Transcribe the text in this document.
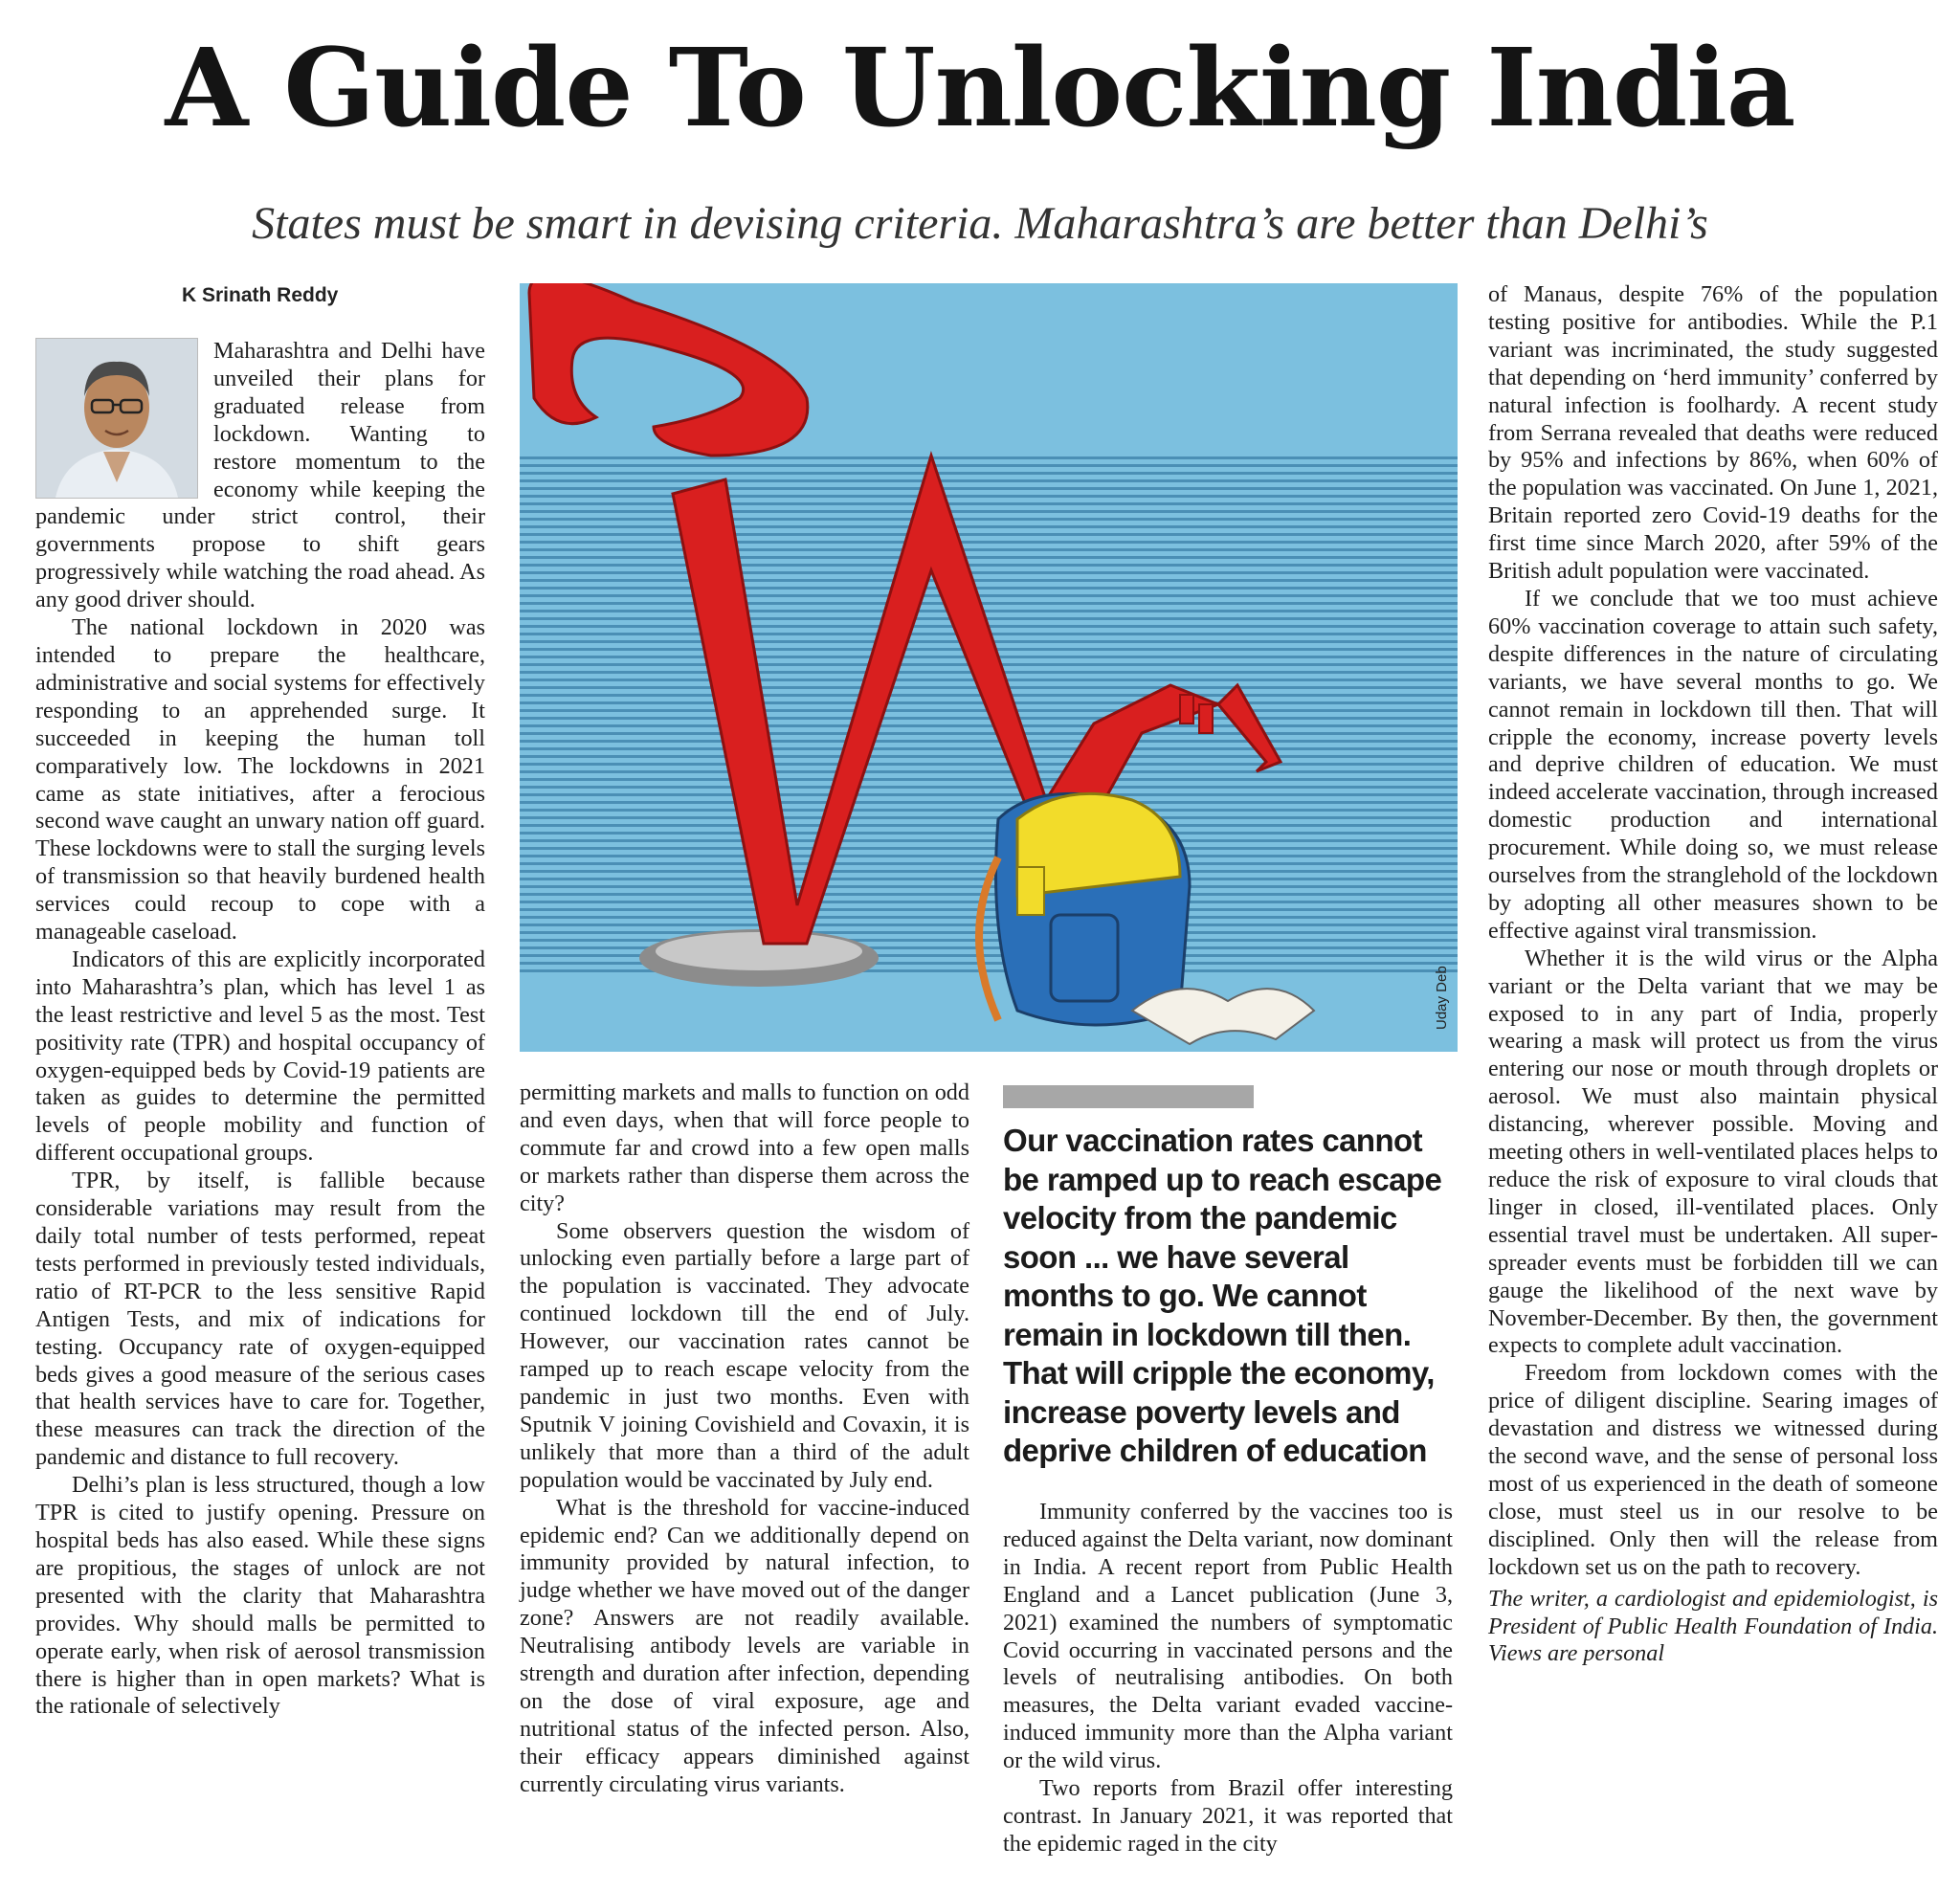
A Guide To Unlocking India

States must be smart in devising criteria. Maharashtra’s are better than Delhi’s

K Srinath Reddy

Maharashtra and Delhi have unveiled their plans for graduated release from lockdown. Wanting to restore momentum to the economy while keeping the pandemic under strict control, their governments propose to shift gears progressively while watching the road ahead. As any good driver should.

The national lockdown in 2020 was intended to prepare the healthcare, administrative and social systems for effectively responding to an apprehended surge. It succeeded in keeping the human toll comparatively low. The lockdowns in 2021 came as state initiatives, after a ferocious second wave caught an unwary nation off guard. These lockdowns were to stall the surging levels of transmission so that heavily burdened health services could recoup to cope with a manageable caseload.

Indicators of this are explicitly incorporated into Maharashtra’s plan, which has level 1 as the least restrictive and level 5 as the most. Test positivity rate (TPR) and hospital occupancy of oxygen-equipped beds by Covid-19 patients are taken as guides to determine the permitted levels of people mobility and function of different occupational groups.

TPR, by itself, is fallible because considerable variations may result from the daily total number of tests performed, repeat tests performed in previously tested individuals, ratio of RT-PCR to the less sensitive Rapid Antigen Tests, and mix of indications for testing. Occupancy rate of oxygen-equipped beds gives a good measure of the serious cases that health services have to care for. Together, these measures can track the direction of the pandemic and distance to full recovery.

Delhi’s plan is less structured, though a low TPR is cited to justify opening. Pressure on hospital beds has also eased. While these signs are propitious, the stages of unlock are not presented with the clarity that Maharashtra provides. Why should malls be permitted to operate early, when risk of aerosol transmission there is higher than in open markets? What is the rationale of selectively

Uday Deb

permitting markets and malls to function on odd and even days, when that will force people to commute far and crowd into a few open malls or markets rather than disperse them across the city?

Some observers question the wisdom of unlocking even partially before a large part of the population is vaccinated. They advocate continued lockdown till the end of July. However, our vaccination rates cannot be ramped up to reach escape velocity from the pandemic in just two months. Even with Sputnik V joining Covishield and Covaxin, it is unlikely that more than a third of the adult population would be vaccinated by July end.

What is the threshold for vaccine-induced epidemic end? Can we additionally depend on immunity provided by natural infection, to judge whether we have moved out of the danger zone? Answers are not readily available. Neutralising antibody levels are variable in strength and duration after infection, depending on the dose of viral exposure, age and nutritional status of the infected person. Also, their efficacy appears diminished against currently circulating virus variants.

Our vaccination rates cannot be ramped up to reach escape velocity from the pandemic soon ... we have several months to go. We cannot remain in lockdown till then. That will cripple the economy, increase poverty levels and deprive children of education

Immunity conferred by the vaccines too is reduced against the Delta variant, now dominant in India. A recent report from Public Health England and a Lancet publication (June 3, 2021) examined the numbers of symptomatic Covid occurring in vaccinated persons and the levels of neutralising antibodies. On both measures, the Delta variant evaded vaccine-induced immunity more than the Alpha variant or the wild virus.

Two reports from Brazil offer interesting contrast. In January 2021, it was reported that the epidemic raged in the city

of Manaus, despite 76% of the population testing positive for antibodies. While the P.1 variant was incriminated, the study suggested that depending on ‘herd immunity’ conferred by natural infection is foolhardy. A recent study from Serrana revealed that deaths were reduced by 95% and infections by 86%, when 60% of the population was vaccinated. On June 1, 2021, Britain reported zero Covid-19 deaths for the first time since March 2020, after 59% of the British adult population were vaccinated.

If we conclude that we too must achieve 60% vaccination coverage to attain such safety, despite differences in the nature of circulating variants, we have several months to go. We cannot remain in lockdown till then. That will cripple the economy, increase poverty levels and deprive children of education. We must indeed accelerate vaccination, through increased domestic production and international procurement. While doing so, we must release ourselves from the stranglehold of the lockdown by adopting all other measures shown to be effective against viral transmission.

Whether it is the wild virus or the Alpha variant or the Delta variant that we may be exposed to in any part of India, properly wearing a mask will protect us from the virus entering our nose or mouth through droplets or aerosol. We must also maintain physical distancing, wherever possible. Moving and meeting others in well-ventilated places helps to reduce the risk of exposure to viral clouds that linger in closed, ill-ventilated places. Only essential travel must be undertaken. All super-spreader events must be forbidden till we can gauge the likelihood of the next wave by November-December. By then, the government expects to complete adult vaccination.

Freedom from lockdown comes with the price of diligent discipline. Searing images of devastation and distress we witnessed during the second wave, and the sense of personal loss most of us experienced in the death of someone close, must steel us in our resolve to be disciplined. Only then will the release from lockdown set us on the path to recovery.

The writer, a cardiologist and epidemiologist, is President of Public Health Foundation of India. Views are personal
